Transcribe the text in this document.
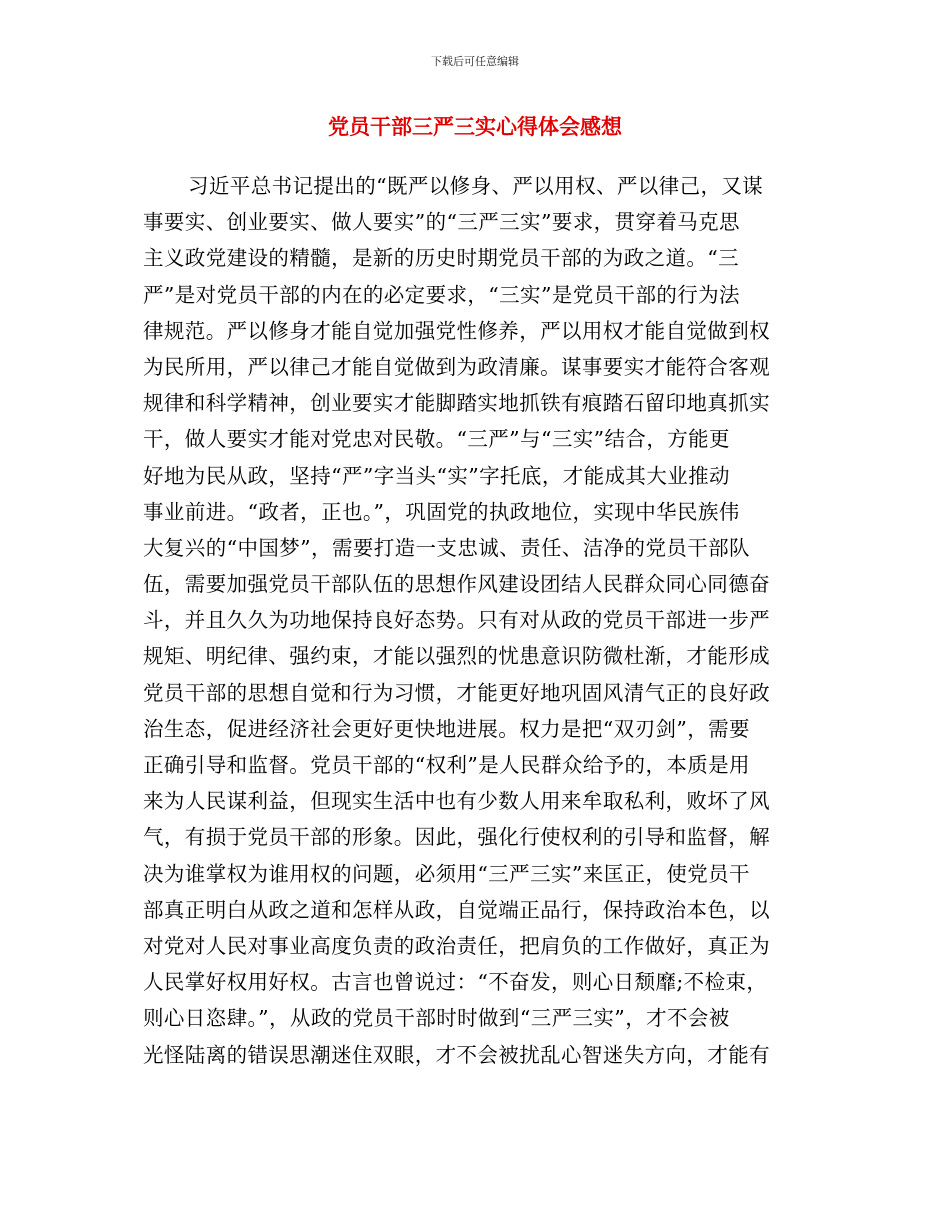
下载后可任意编辑
党员干部三严三实心得体会感想
习近平总书记提出的“既严以修身、严以用权、严以律己，又谋
事要实、创业要实、做人要实”的“三严三实”要求，贯穿着马克思
主义政党建设的精髓，是新的历史时期党员干部的为政之道。“三
严”是对党员干部的内在的必定要求，“三实”是党员干部的行为法
律规范。严以修身才能自觉加强党性修养，严以用权才能自觉做到权
为民所用，严以律己才能自觉做到为政清廉。谋事要实才能符合客观
规律和科学精神，创业要实才能脚踏实地抓铁有痕踏石留印地真抓实
干，做人要实才能对党忠对民敬。“三严”与“三实”结合，方能更
好地为民从政，坚持“严”字当头“实”字托底，才能成其大业推动
事业前进。“政者，正也。”，巩固党的执政地位，实现中华民族伟
大复兴的“中国梦”，需要打造一支忠诚、责任、洁净的党员干部队
伍，需要加强党员干部队伍的思想作风建设团结人民群众同心同德奋
斗，并且久久为功地保持良好态势。只有对从政的党员干部进一步严
规矩、明纪律、强约束，才能以强烈的忧患意识防微杜渐，才能形成
党员干部的思想自觉和行为习惯，才能更好地巩固风清气正的良好政
治生态，促进经济社会更好更快地进展。权力是把“双刃剑”，需要
正确引导和监督。党员干部的“权利”是人民群众给予的，本质是用
来为人民谋利益，但现实生活中也有少数人用来牟取私利，败坏了风
气，有损于党员干部的形象。因此，强化行使权利的引导和监督，解
决为谁掌权为谁用权的问题，必须用“三严三实”来匡正，使党员干
部真正明白从政之道和怎样从政，自觉端正品行，保持政治本色，以
对党对人民对事业高度负责的政治责任，把肩负的工作做好，真正为
人民掌好权用好权。古言也曾说过：“不奋发，则心日颓靡;不检束，
则心日恣肆。”，从政的党员干部时时做到“三严三实”，才不会被
光怪陆离的错误思潮迷住双眼，才不会被扰乱心智迷失方向，才能有
